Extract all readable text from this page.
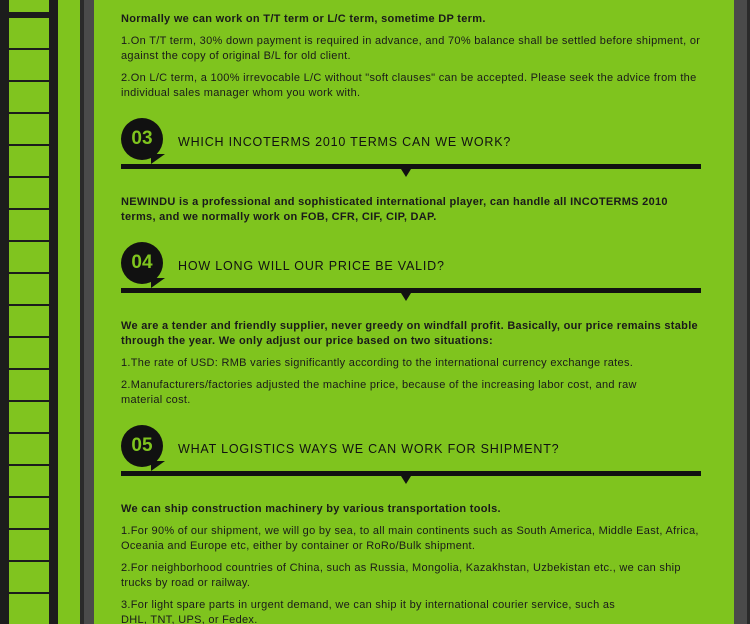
Normally we can work on T/T term or L/C term, sometime DP term.
1.On T/T term, 30% down payment is required in advance, and 70% balance shall be settled before shipment, or against the copy of original B/L for old client.
2.On L/C term, a 100% irrevocable L/C without "soft clauses" can be accepted. Please seek the advice from the individual sales manager whom you work with.
03	WHICH INCOTERMS 2010 TERMS CAN WE WORK?
NEWINDU is a professional and sophisticated international player, can handle all INCOTERMS 2010 terms, and we normally work on FOB, CFR, CIF, CIP, DAP.
04	HOW LONG WILL OUR PRICE BE VALID?
We are a tender and friendly supplier, never greedy on windfall profit. Basically, our price remains stable through the year. We only adjust our price based on two situations:
1.The rate of USD: RMB varies significantly according to the international currency exchange rates.
2.Manufacturers/factories adjusted the machine price, because of the increasing labor cost, and raw material cost.
05	WHAT LOGISTICS WAYS WE CAN WORK FOR SHIPMENT?
We can ship construction machinery by various transportation tools.
1.For 90% of our shipment, we will go by sea, to all main continents such as South America, Middle East, Africa, Oceania and Europe etc, either by container or RoRo/Bulk shipment.
2.For neighborhood countries of China, such as Russia, Mongolia, Kazakhstan, Uzbekistan etc., we can ship trucks by road or railway.
3.For light spare parts in urgent demand, we can ship it by international courier service, such as DHL, TNT, UPS, or Fedex.
